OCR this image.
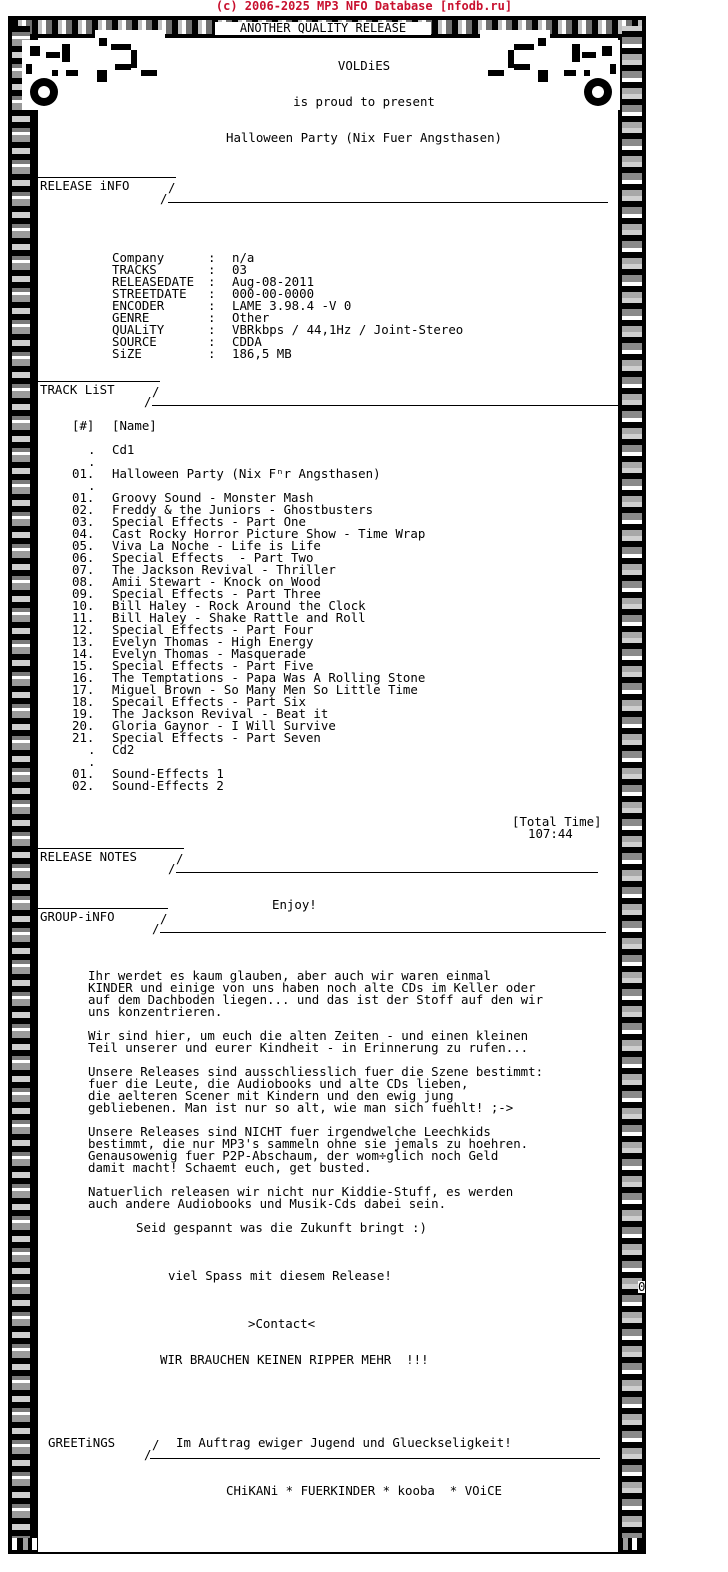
(c) 2006-2025 MP3 NFO Database [nfodb.ru]
ANOTHER QUALITY RELEASE
VOLDiES
is proud to present
Halloween Party (Nix Fuer Angsthasen)
RELEASE iNFO	/
/
Company	: n/a
TRACKS	: 03
RELEASEDATE : Aug-08-2011
STREETDATE : 000-00-0000
ENCODER	: LAME 3.98.4 -V 0
GENRE	: Other
QUALiTY	: VBRkbps / 44,1Hz / Joint-Stereo
SOURCE	: CDDA
SiZE	: 186,5 MB
TRACK LiST	/
/
[#] [Name]
. Cd1
.
01. Halloween Party (Nix Fⁿr Angsthasen)
.
01. Groovy Sound - Monster Mash
02. Freddy & the Juniors - Ghostbusters
03. Special Effects - Part One
04. Cast Rocky Horror Picture Show - Time Wrap
05. Viva La Noche - Life is Life
06. Special Effects  - Part Two
07. The Jackson Revival - Thriller
08. Amii Stewart - Knock on Wood
09. Special Effects - Part Three
10. Bill Haley - Rock Around the Clock
11. Bill Haley - Shake Rattle and Roll
12. Special Effects - Part Four
13. Evelyn Thomas - High Energy
14. Evelyn Thomas - Masquerade
15. Special Effects - Part Five
16. The Temptations - Papa Was A Rolling Stone
17. Miguel Brown - So Many Men So Little Time
18. Specail Effects - Part Six
19. The Jackson Revival - Beat it
20. Gloria Gaynor - I Will Survive
21. Special Effects - Part Seven
. Cd2
.
01. Sound-Effects 1
02. Sound-Effects 2
[Total Time]
107:44
RELEASE NOTES	/
/
Enjoy!
GROUP-iNFO	/
/
Ihr werdet es kaum glauben, aber auch wir waren einmal
KINDER und einige von uns haben noch alte CDs im Keller oder
auf dem Dachboden liegen... und das ist der Stoff auf den wir
uns konzentrieren.
Wir sind hier, um euch die alten Zeiten - und einen kleinen
Teil unserer und eurer Kindheit - in Erinnerung zu rufen...
Unsere Releases sind ausschliesslich fuer die Szene bestimmt:
fuer die Leute, die Audiobooks und alte CDs lieben,
die aelteren Scener mit Kindern und den ewig jung
gebliebenen. Man ist nur so alt, wie man sich fuehlt! ;->
Unsere Releases sind NICHT fuer irgendwelche Leechkids
bestimmt, die nur MP3's sammeln ohne sie jemals zu hoehren.
Genausowenig fuer P2P-Abschaum, der wom÷glich noch Geld
damit macht! Schaemt euch, get busted.
Natuerlich releasen wir nicht nur Kiddie-Stuff, es werden
auch andere Audiobooks und Musik-Cds dabei sein.
Seid gespannt was die Zukunft bringt :)
viel Spass mit diesem Release!
>Contact<
WIR BRAUCHEN KEINEN RIPPER MEHR  !!!
GREETiNGS	/
/
Im Auftrag ewiger Jugend und Glueckseligkeit!
CHiKANi * FUERKINDER * kooba  * VOiCE
0
